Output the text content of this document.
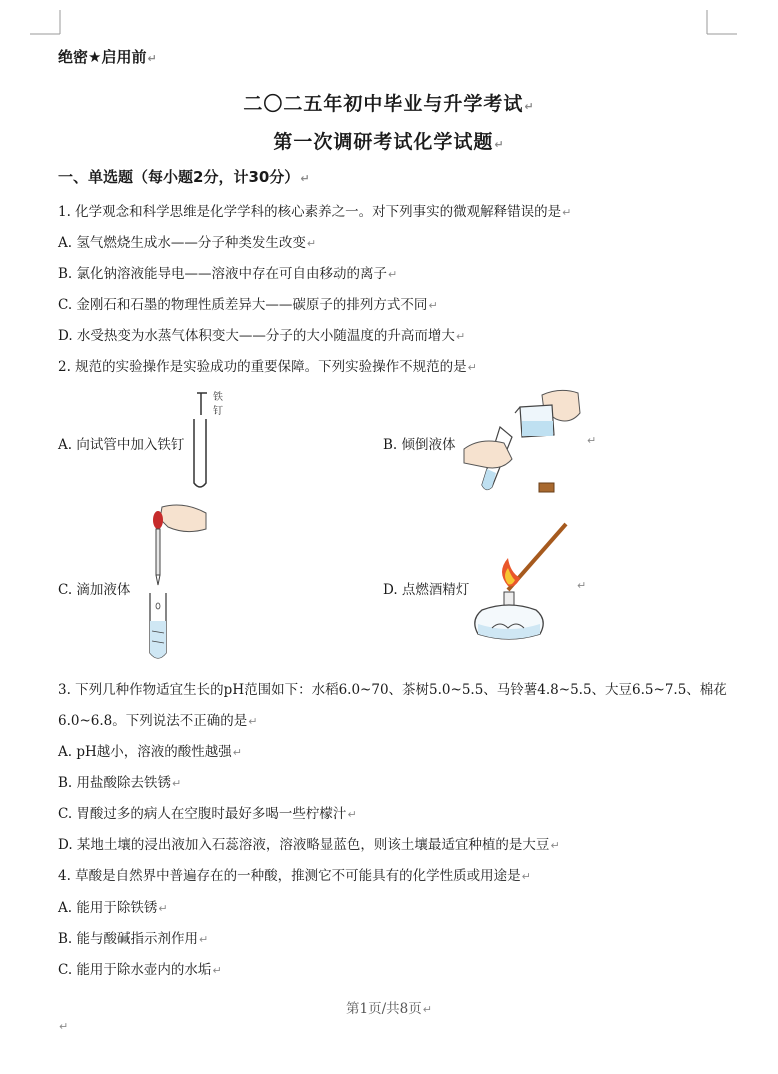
绝密★启用前↵
二〇二五年初中毕业与升学考试↵
第一次调研考试化学试题↵
一、单选题（每小题2分，计30分）↵
1. 化学观念和科学思维是化学学科的核心素养之一。对下列事实的微观解释错误的是↵
A. 氢气燃烧生成水——分子种类发生改变↵
B. 氯化钠溶液能导电——溶液中存在可自由移动的离子↵
C. 金刚石和石墨的物理性质差异大——碳原子的排列方式不同↵
D. 水受热变为水蒸气体积变大——分子的大小随温度的升高而增大↵
2. 规范的实验操作是实验成功的重要保障。下列实验操作不规范的是↵
A. 向试管中加入铁钉	B. 倾倒液体	↵
C. 滴加液体	D. 点燃酒精灯	↵
铁
钉
3. 下列几种作物适宜生长的pH范围如下：水稻6.0~70、茶树5.0~5.5、马铃薯4.8~5.5、大豆6.5~7.5、棉花
6.0~6.8。下列说法不正确的是↵
A. pH越小，溶液的酸性越强↵
B. 用盐酸除去铁锈↵
C. 胃酸过多的病人在空腹时最好多喝一些柠檬汁↵
D. 某地土壤的浸出液加入石蕊溶液，溶液略显蓝色，则该土壤最适宜种植的是大豆↵
4. 草酸是自然界中普遍存在的一种酸，推测它不可能具有的化学性质或用途是↵
A. 能用于除铁锈↵
B. 能与酸碱指示剂作用↵
C. 能用于除水壶内的水垢↵
第1页/共8页↵
↵
